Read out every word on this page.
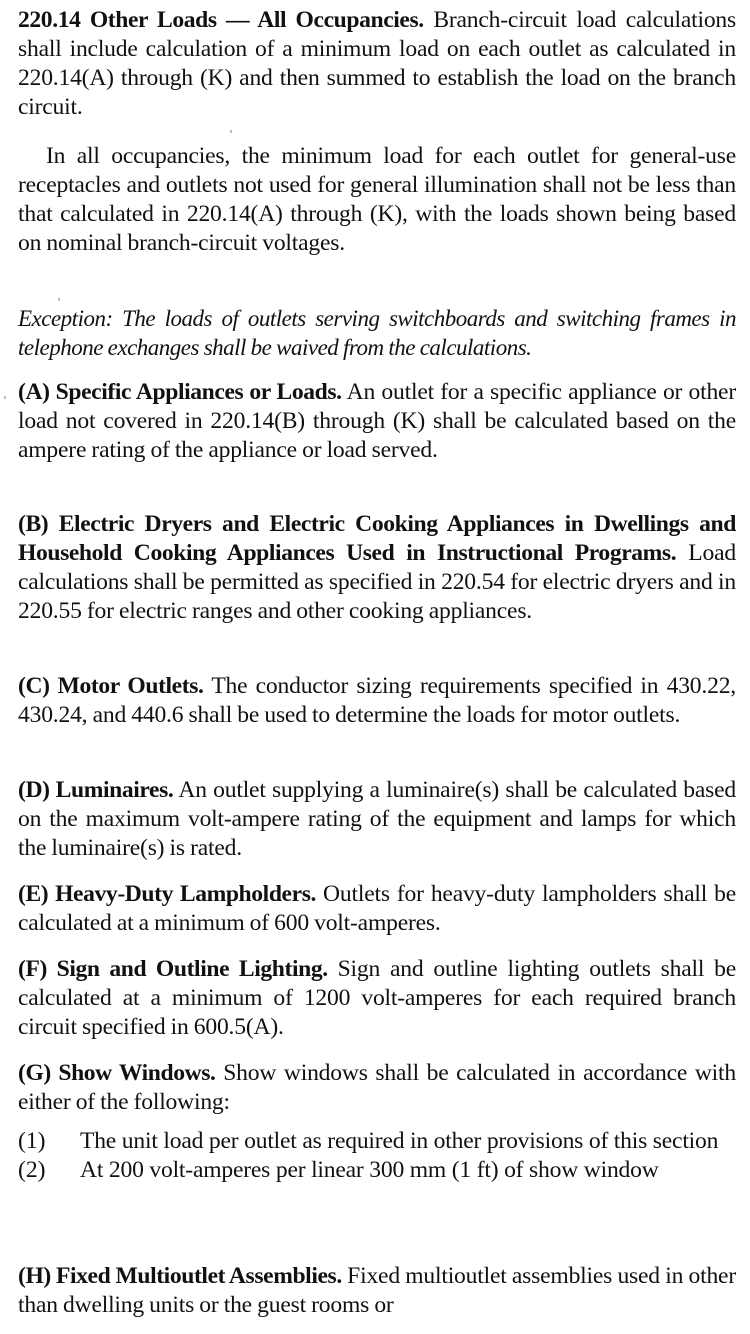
220.14 Other Loads — All Occupancies. Branch-circuit load calculations shall include calculation of a minimum load on each outlet as calculated in 220.14(A) through (K) and then summed to establish the load on the branch circuit.

In all occupancies, the minimum load for each outlet for general-use receptacles and outlets not used for general illumination shall not be less than that calculated in 220.14(A) through (K), with the loads shown being based on nominal branch-circuit voltages.

Exception: The loads of outlets serving switchboards and switching frames in telephone exchanges shall be waived from the calculations.

(A) Specific Appliances or Loads. An outlet for a specific appliance or other load not covered in 220.14(B) through (K) shall be calculated based on the ampere rating of the appliance or load served.

(B) Electric Dryers and Electric Cooking Appliances in Dwellings and Household Cooking Appliances Used in Instructional Programs. Load calculations shall be permitted as specified in 220.54 for electric dryers and in 220.55 for electric ranges and other cooking appliances.

(C) Motor Outlets. The conductor sizing requirements specified in 430.22, 430.24, and 440.6 shall be used to determine the loads for motor outlets.

(D) Luminaires. An outlet supplying a luminaire(s) shall be calculated based on the maximum volt-ampere rating of the equipment and lamps for which the luminaire(s) is rated.

(E) Heavy-Duty Lampholders. Outlets for heavy-duty lampholders shall be calculated at a minimum of 600 volt-amperes.

(F) Sign and Outline Lighting. Sign and outline lighting outlets shall be calculated at a minimum of 1200 volt-amperes for each required branch circuit specified in 600.5(A).

(G) Show Windows. Show windows shall be calculated in accordance with either of the following:

(1)	The unit load per outlet as required in other provisions of this section
(2)	At 200 volt-amperes per linear 300 mm (1 ft) of show window

(H) Fixed Multioutlet Assemblies. Fixed multioutlet assemblies used in other than dwelling units or the guest rooms or
